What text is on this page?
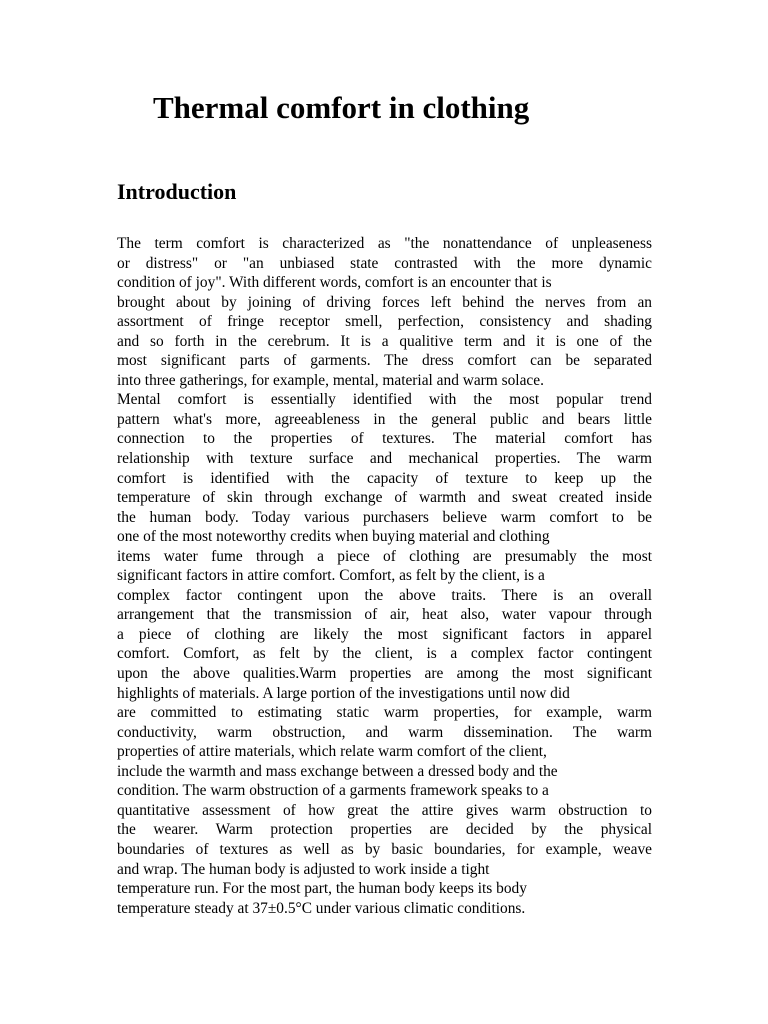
Thermal comfort in clothing
Introduction
The term comfort is characterized as "the nonattendance of unpleaseness
or distress" or "an unbiased state contrasted with the more dynamic
condition of joy". With different words, comfort is an encounter that is
brought about by joining of driving forces left behind the nerves from an
assortment of fringe receptor smell, perfection, consistency and shading
and so forth in the cerebrum. It is a qualitive term and it is one of the
most significant parts of garments. The dress comfort can be separated
into three gatherings, for example, mental, material and warm solace.
Mental comfort is essentially identified with the most popular trend
pattern what's more, agreeableness in the general public and bears little
connection to the properties of textures. The material comfort has
relationship with texture surface and mechanical properties. The warm
comfort is identified with the capacity of texture to keep up the
temperature of skin through exchange of warmth and sweat created inside
the human body. Today various purchasers believe warm comfort to be
one of the most noteworthy credits when buying material and clothing
items water fume through a piece of clothing are presumably the most
significant factors in attire comfort. Comfort, as felt by the client, is a
complex factor contingent upon the above traits. There is an overall
arrangement that the transmission of air, heat also, water vapour through
a piece of clothing are likely the most significant factors in apparel
comfort. Comfort, as felt by the client, is a complex factor contingent
upon the above qualities.Warm properties are among the most significant
highlights of materials. A large portion of the investigations until now did
are committed to estimating static warm properties, for example, warm
conductivity, warm obstruction, and warm dissemination. The warm
properties of attire materials, which relate warm comfort of the client,
include the warmth and mass exchange between a dressed body and the
condition. The warm obstruction of a garments framework speaks to a
quantitative assessment of how great the attire gives warm obstruction to
the wearer. Warm protection properties are decided by the physical
boundaries of textures as well as by basic boundaries, for example, weave
and wrap. The human body is adjusted to work inside a tight
temperature run. For the most part, the human body keeps its body
temperature steady at 37±0.5°C under various climatic conditions.
